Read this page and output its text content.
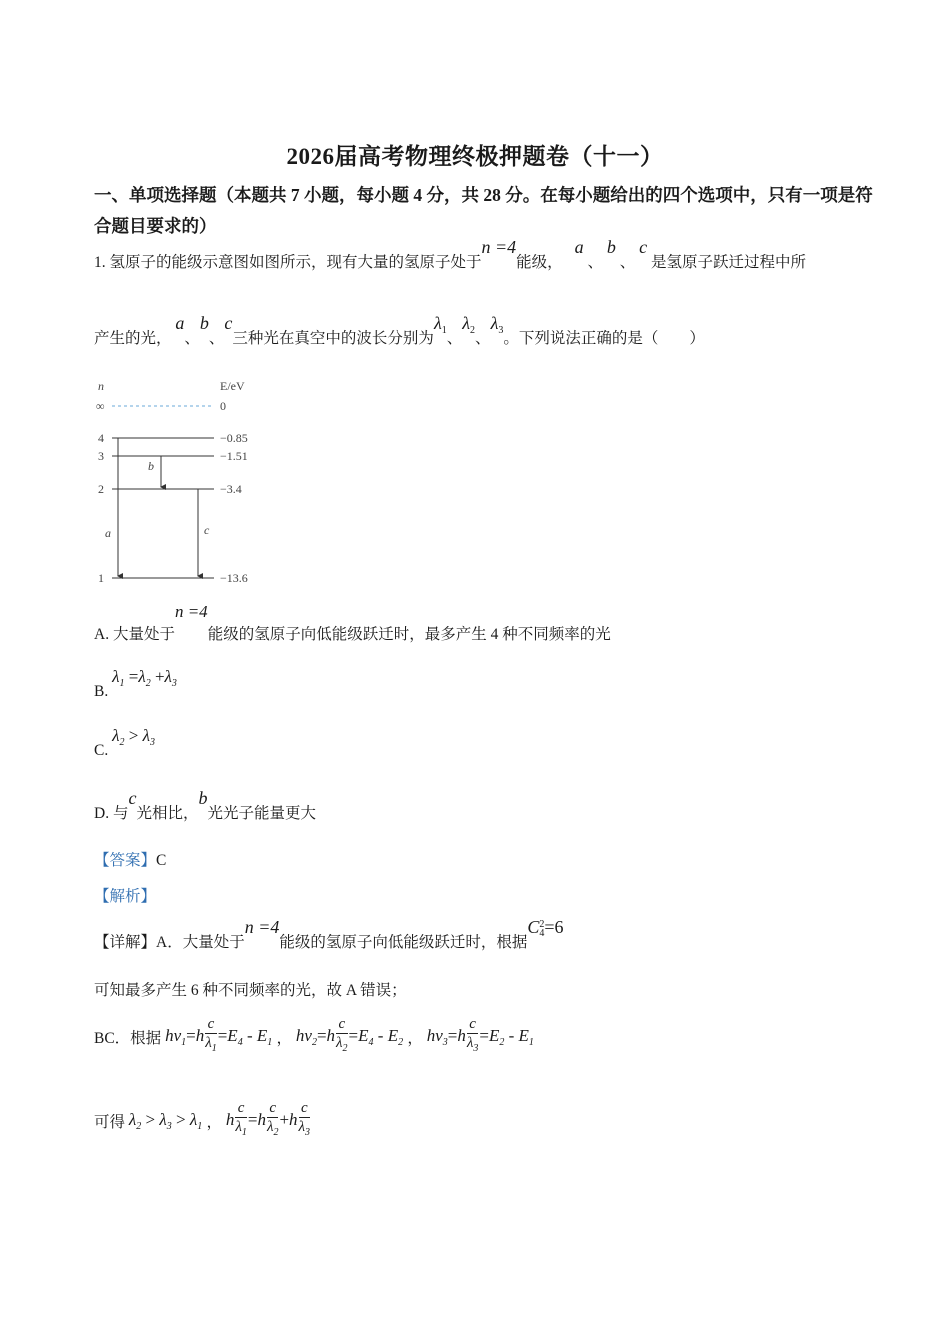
2026届高考物理终极押题卷（十一）
一、单项选择题（本题共 7 小题，每小题 4 分，共 28 分。在每小题给出的四个选项中，只有一项是符合题目要求的）
1. 氢原子的能级示意图如图所示，现有大量的氢原子处于n =4能级， a 、 b 、 c 是氢原子跃迁过程中所
产生的光， a、b、c三种光在真空中的波长分别为$\lambda_1$、$\lambda_2$、$\lambda_3$。下列说法正确的是（　　）
n	E/eV
∞	0
4	−0.85
3	−1.51
2	−3.4
1	−13.6
a
b
c
A. 大量处于n =4能级的氢原子向低能级跃迁时，最多产生 4 种不同频率的光
B. $\lambda_1 =\lambda_2 +\lambda_3$
C. $\lambda_2 > \lambda_3$
D. 与c光相比，b光光子能量更大
【答案】C
【解析】
【详解】A．大量处于n =4能级的氢原子向低能级跃迁时，根据C 2
4 =6
可知最多产生 6 种不同频率的光，故 A 错误；
BC．根据 $h\nu_1=h \frac{c}{\lambda_1} =E_4 - E_1$ ， $h\nu_2=h \frac{c}{\lambda_2} =E_4 - E_2$ ， $h\nu_3=h \frac{c}{\lambda_3} =E_2 - E_1$
可得 $\lambda_2 > \lambda_3 > \lambda_1$ ， h $\frac{c}{\lambda_1} =h \frac{c}{\lambda_2} +h \frac{c}{\lambda_3}$
